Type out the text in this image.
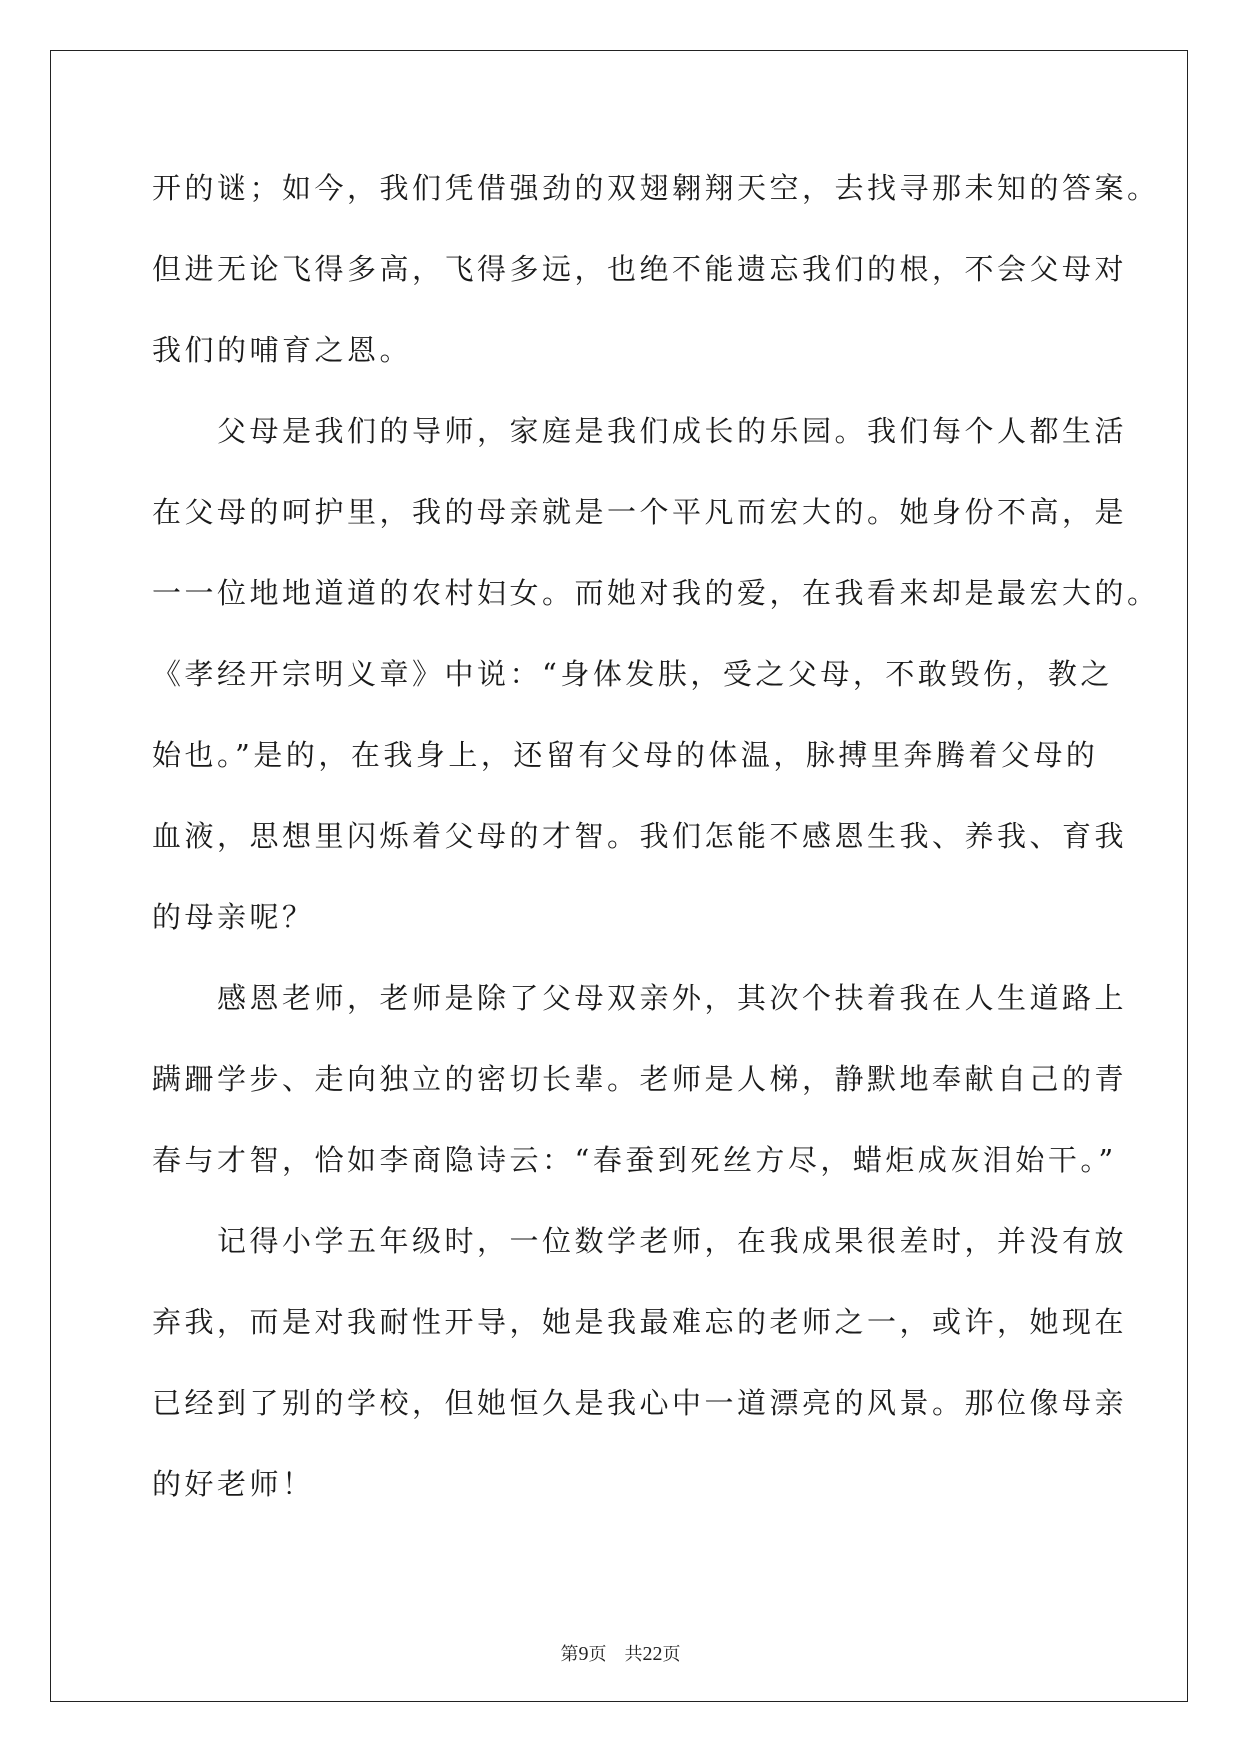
开的谜；如今，我们凭借强劲的双翅翱翔天空，去找寻那未知的答案。
但进无论飞得多高，飞得多远，也绝不能遗忘我们的根，不会父母对
我们的哺育之恩。
　　父母是我们的导师，家庭是我们成长的乐园。我们每个人都生活
在父母的呵护里，我的母亲就是一个平凡而宏大的。她身份不高，是
一一位地地道道的农村妇女。而她对我的爱，在我看来却是最宏大的。
《孝经开宗明义章》中说：“身体发肤，受之父母，不敢毁伤，教之
始也。”是的，在我身上，还留有父母的体温，脉搏里奔腾着父母的
血液，思想里闪烁着父母的才智。我们怎能不感恩生我、养我、育我
的母亲呢？
　　感恩老师，老师是除了父母双亲外，其次个扶着我在人生道路上
蹒跚学步、走向独立的密切长辈。老师是人梯，静默地奉献自己的青
春与才智，恰如李商隐诗云：“春蚕到死丝方尽，蜡炬成灰泪始干。”
　　记得小学五年级时，一位数学老师，在我成果很差时，并没有放
弃我，而是对我耐性开导，她是我最难忘的老师之一，或许，她现在
已经到了别的学校，但她恒久是我心中一道漂亮的风景。那位像母亲
的好老师！
第9页　共22页
